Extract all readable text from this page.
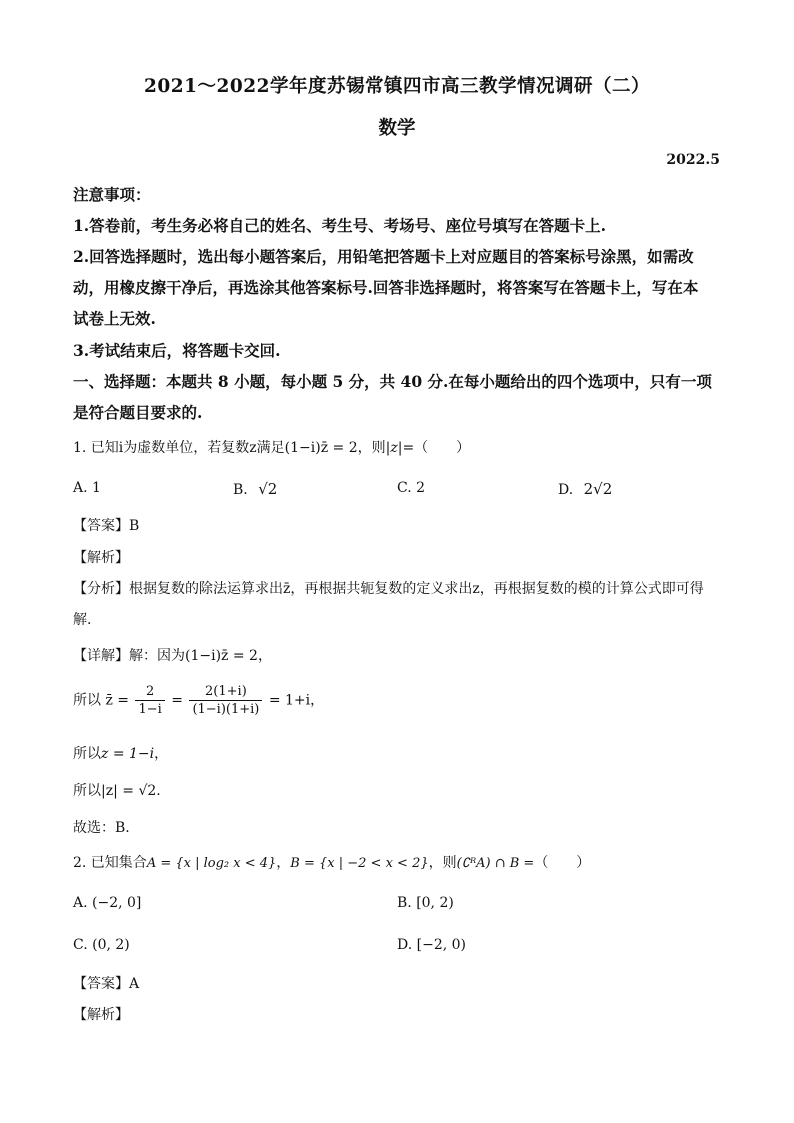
2021～2022学年度苏锡常镇四市高三教学情况调研（二）
数学
2022.5
注意事项：
1.答卷前，考生务必将自己的姓名、考生号、考场号、座位号填写在答题卡上.
2.回答选择题时，选出每小题答案后，用铅笔把答题卡上对应题目的答案标号涂黑，如需改
动，用橡皮擦干净后，再选涂其他答案标号.回答非选择题时，将答案写在答题卡上，写在本
试卷上无效.
3.考试结束后，将答题卡交回.
一、选择题：本题共 8 小题，每小题 5 分，共 40 分.在每小题给出的四个选项中，只有一项
是符合题目要求的.
1. 已知i为虚数单位，若复数z满足(1−i)z̄ = 2，则|z|=（　　）
A. 1	B. √2	C. 2	D. 2√2
【答案】B
【解析】
【分析】根据复数的除法运算求出z̄，再根据共轭复数的定义求出z，再根据复数的模的计算公式即可得
解.
【详解】解：因为(1−i)z̄ = 2，
所以 z̄ = $\frac{2}{1-i} = \frac{2(1+i)}{(1-i)(1+i)} = 1+i$，
所以z = 1−i，
所以|z| = √2.
故选：B.
2. 已知集合A = {x | log₂ x < 4}，B = {x | −2 < x < 2}，则(∁ᴿA) ∩ B =（　　）
A. (−2, 0]	B. [0, 2)
C. (0, 2)	D. [−2, 0)
【答案】A
【解析】
